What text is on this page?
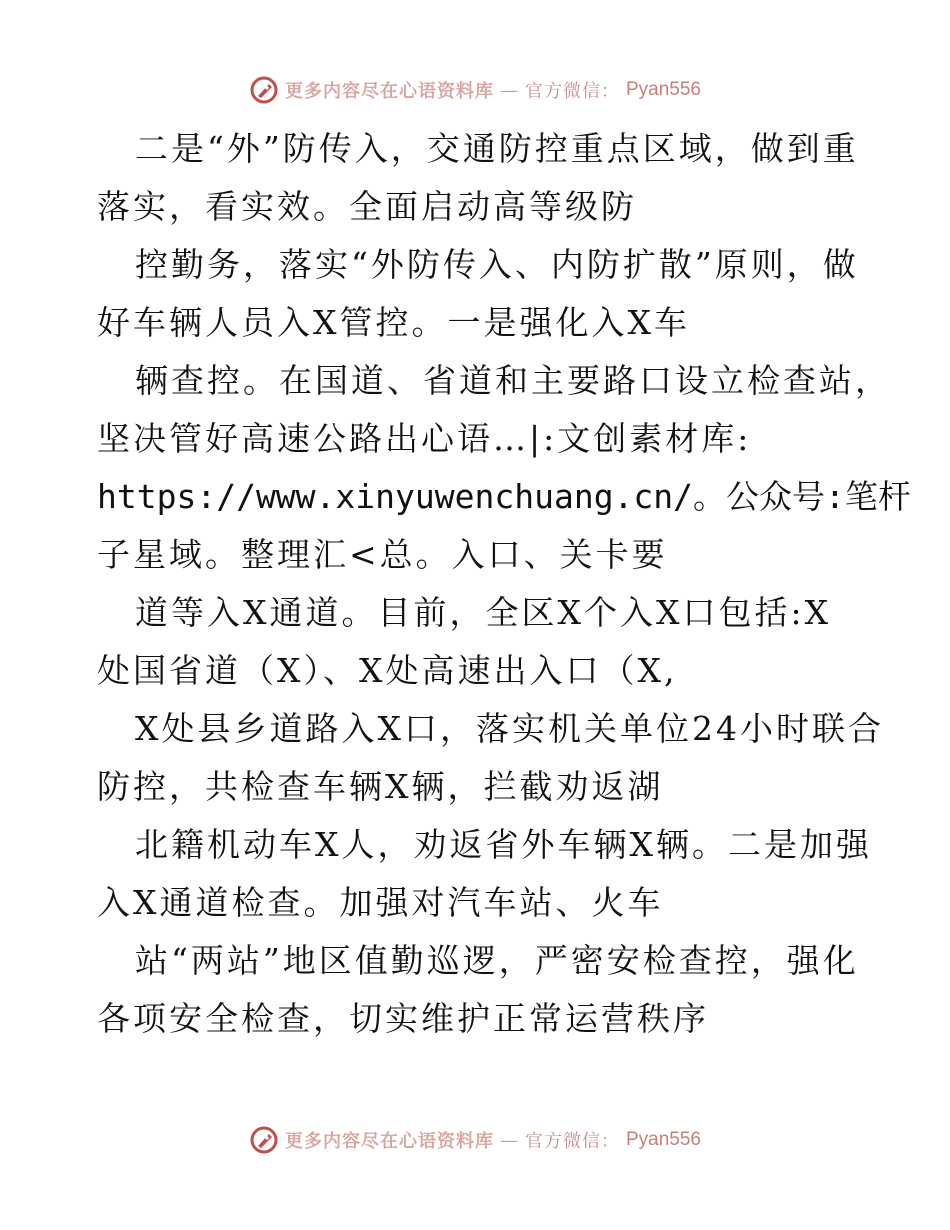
更多内容尽在心语资料库 — 官方微信： Pyan556
二是“外”防传入，交通防控重点区域，做到重
落实，看实效。全面启动高等级防
控勤务，落实“外防传入、内防扩散”原则，做
好车辆人员入X管控。一是强化入X车
辆查控。在国道、省道和主要路口设立检查站，
坚决管好高速公路出心语…|:文创素材库:
https://www.xinyuwenchuang.cn/。公众号:笔杆
子星域。整理汇<总。入口、关卡要
道等入X通道。目前，全区X个入X口包括:X
处国省道（X）、X处高速出入口（X,
X处县乡道路入X口，落实机关单位24小时联合
防控，共检查车辆X辆，拦截劝返湖
北籍机动车X人，劝返省外车辆X辆。二是加强
入X通道检查。加强对汽车站、火车
站“两站”地区值勤巡逻，严密安检查控，强化
各项安全检查，切实维护正常运营秩序
更多内容尽在心语资料库 — 官方微信： Pyan556
